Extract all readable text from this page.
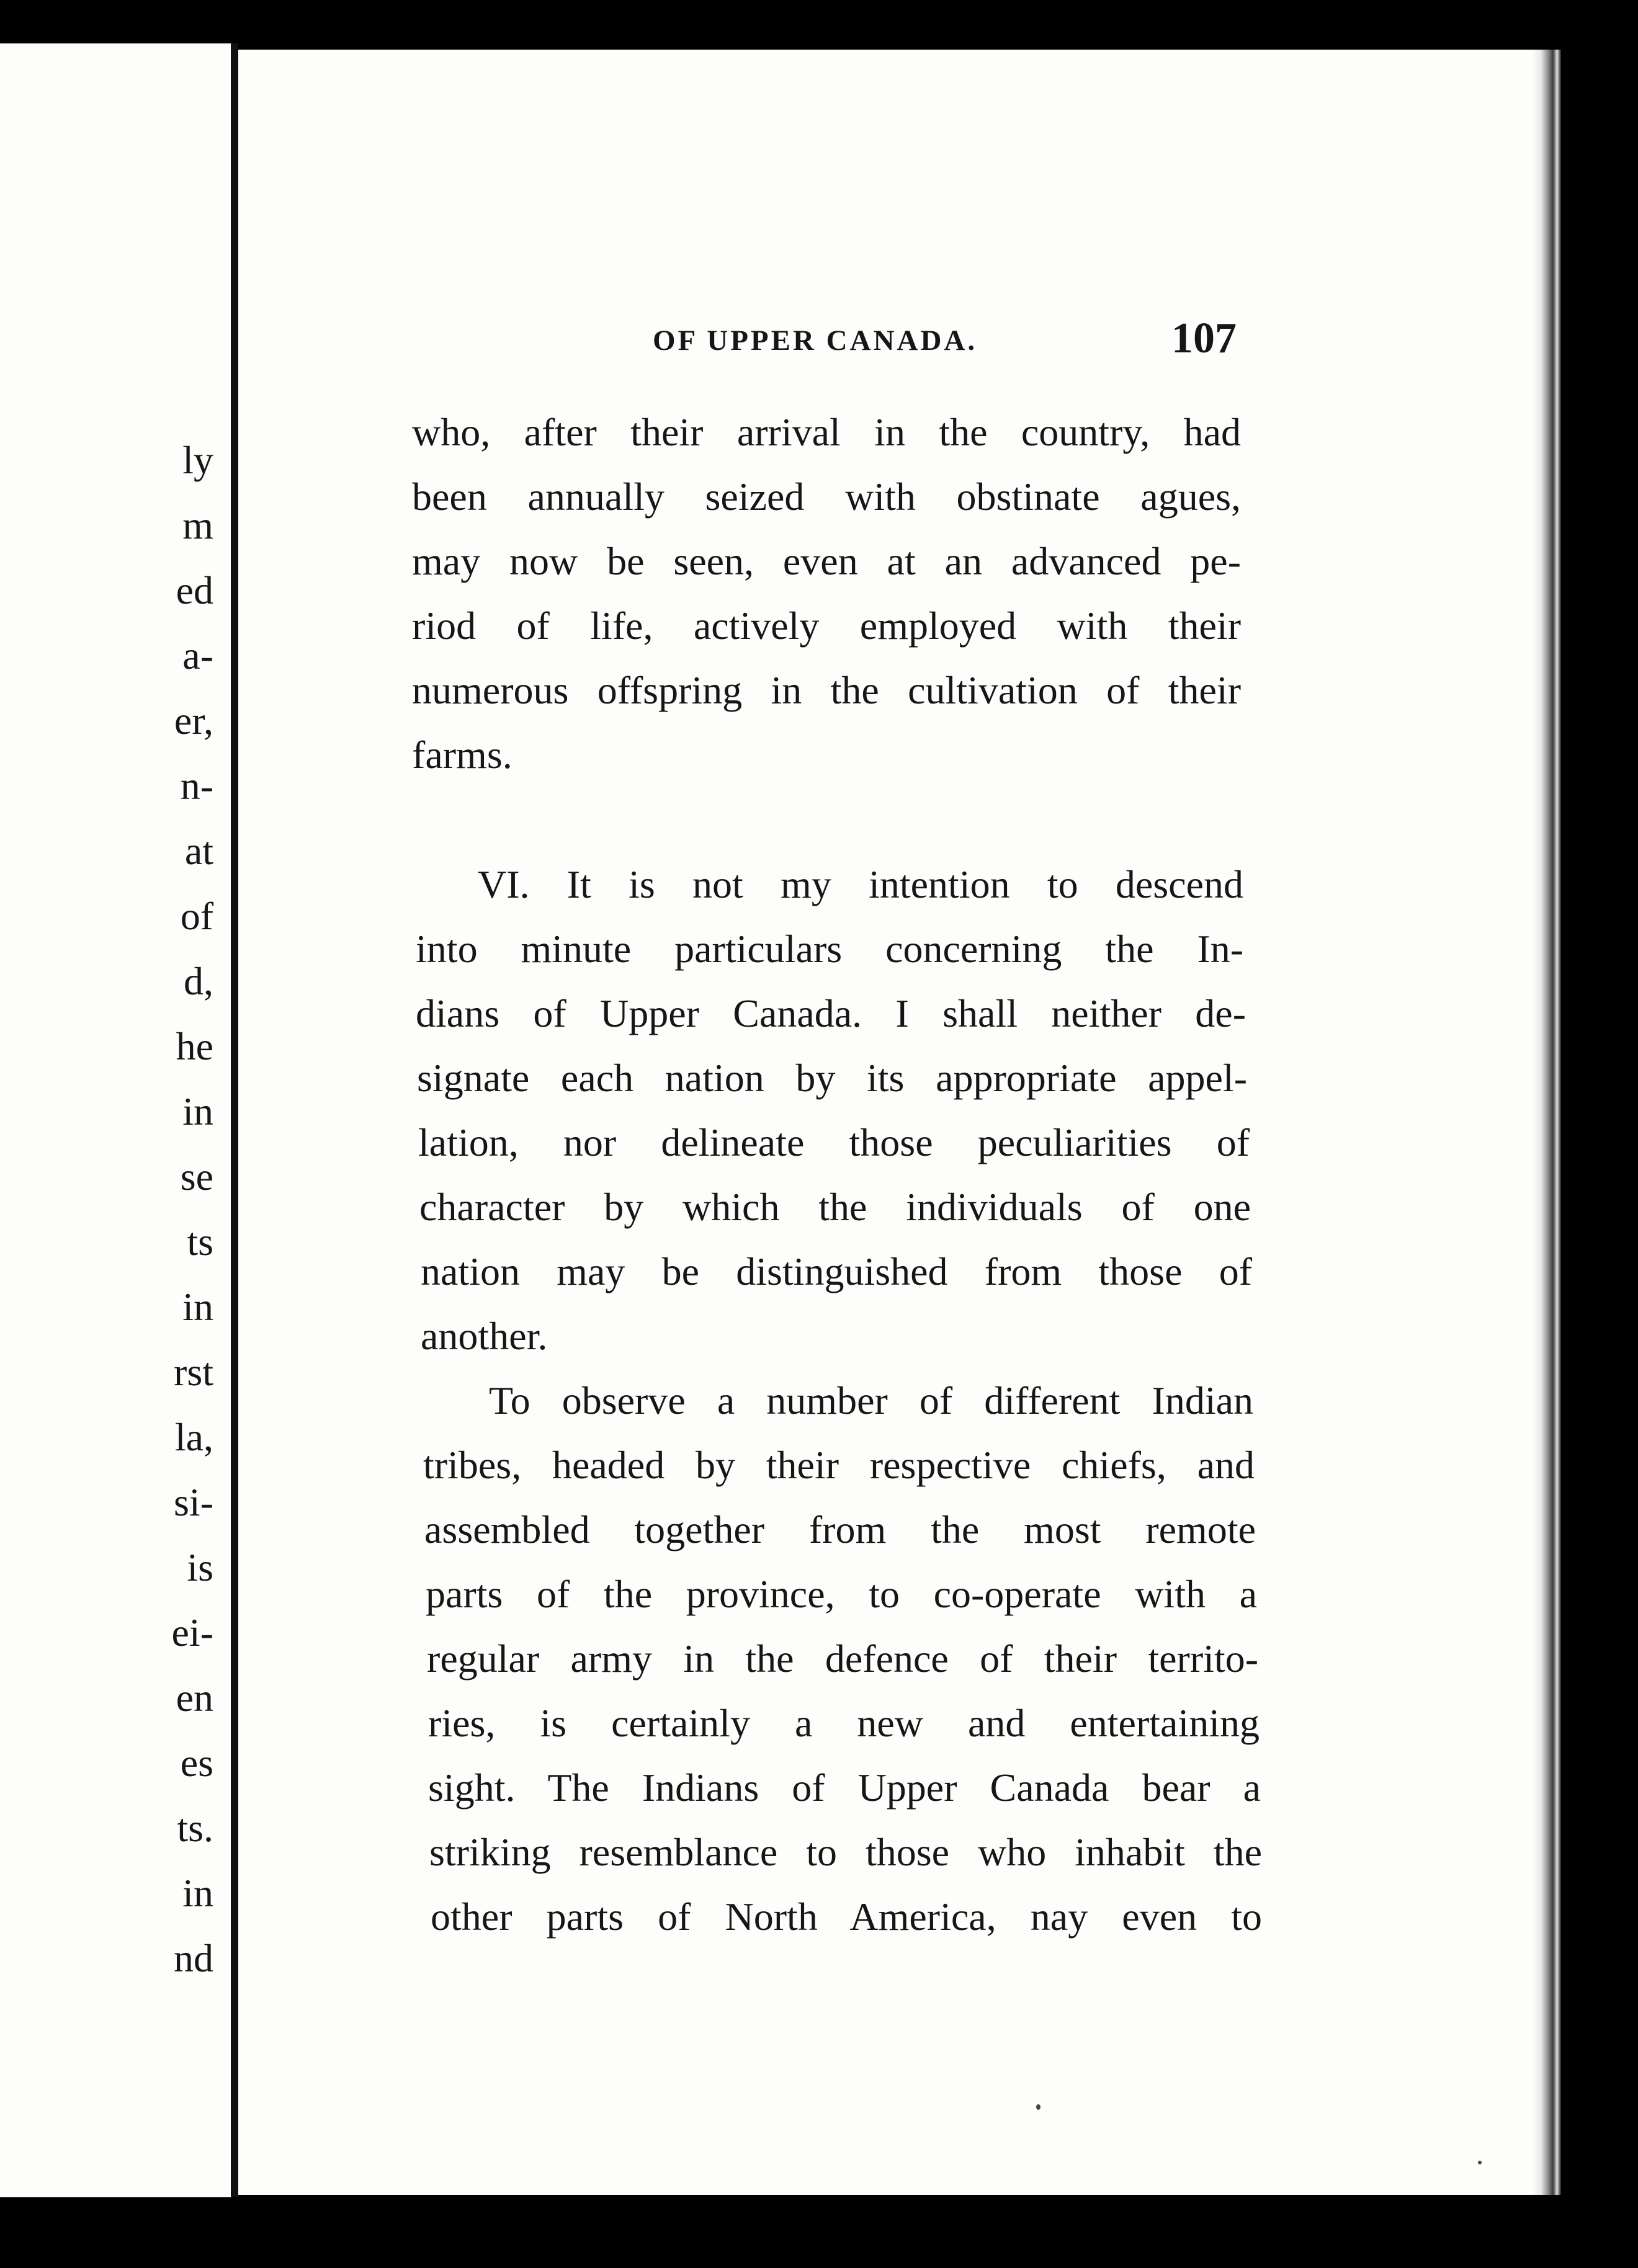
ly
m
ed
a-
er,
n-
at
of
d,
he
in
se
ts
in
rst
la,
si-
is
ei-
en
es
ts.
in
nd
OF UPPER CANADA.	107
who, after their arrival in the country, had
been annually seized with obstinate agues,
may now be seen, even at an advanced pe-
riod of life, actively employed with their
numerous offspring in the cultivation of their
farms.
VI. It is not my intention to descend
into minute particulars concerning the In-
dians of Upper Canada. I shall neither de-
signate each nation by its appropriate appel-
lation, nor delineate those peculiarities of
character by which the individuals of one
nation may be distinguished from those of
another.
To observe a number of different Indian
tribes, headed by their respective chiefs, and
assembled together from the most remote
parts of the province, to co-operate with a
regular army in the defence of their territo-
ries, is certainly a new and entertaining
sight. The Indians of Upper Canada bear a
striking resemblance to those who inhabit the
other parts of North America, nay even to
